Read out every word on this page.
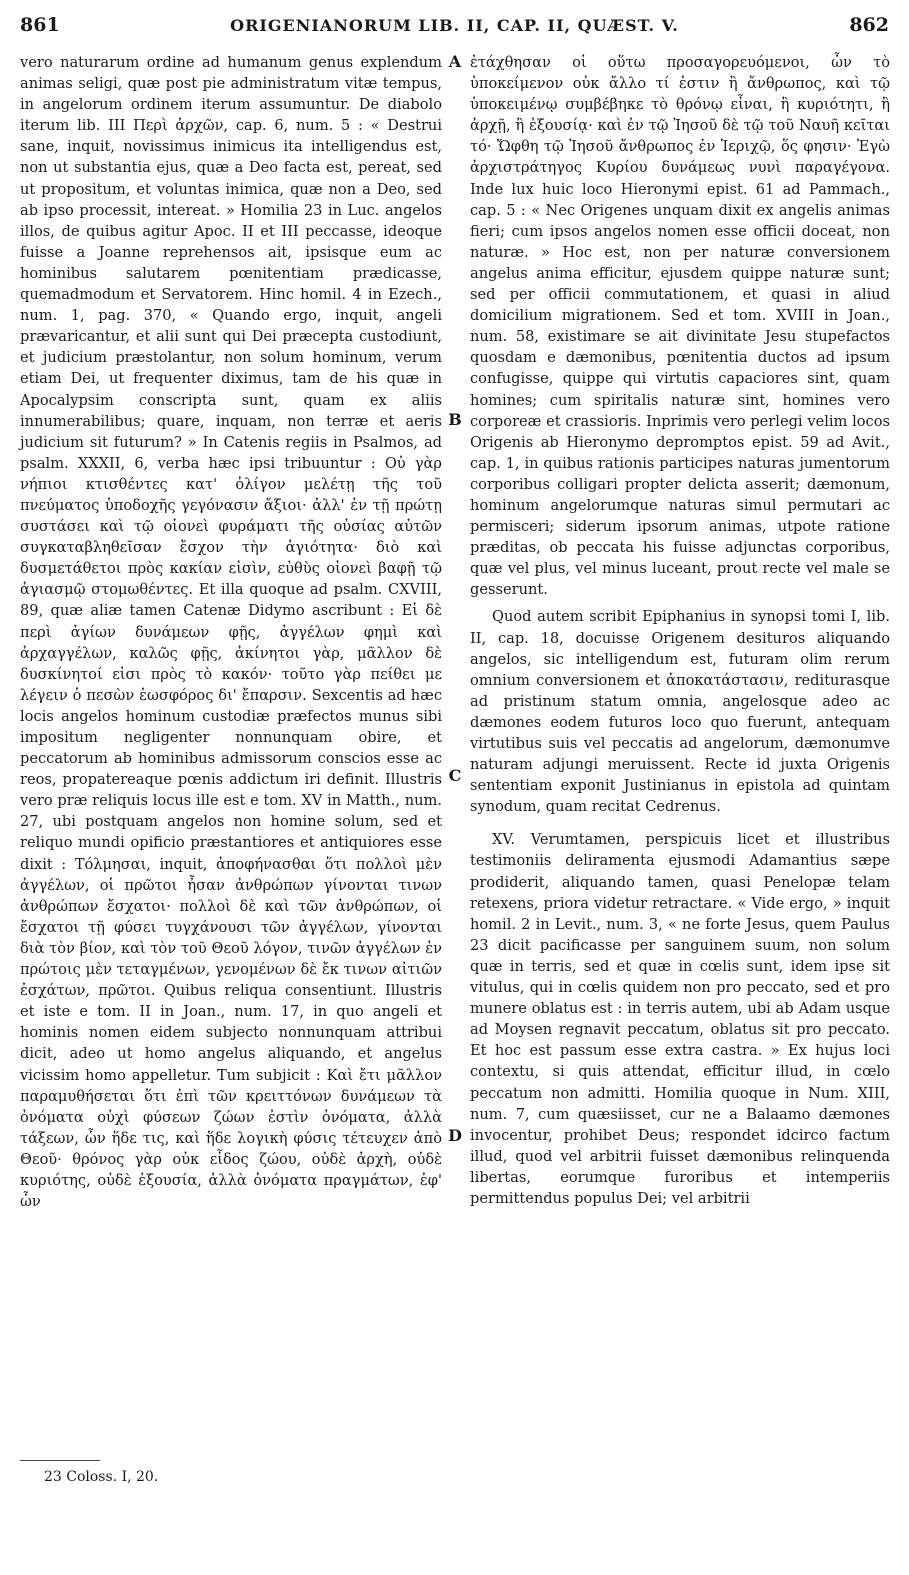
861	ORIGENIANORUM LIB. II, CAP. II, QUÆST. V.	862

vero naturarum ordine ad humanum genus explendum animas seligi, quæ post pie administratum vitæ tempus, in angelorum ordinem iterum assumuntur. De diabolo iterum lib. III Περὶ ἀρχῶν, cap. 6, num. 5 : « Destrui sane, inquit, novissimus inimicus ita intelligendus est, non ut substantia ejus, quæ a Deo facta est, pereat, sed ut propositum, et voluntas inimica, quæ non a Deo, sed ab ipso processit, intereat. » Homilia 23 in Luc. angelos illos, de quibus agitur Apoc. II et III peccasse, ideoque fuisse a Joanne reprehensos ait, ipsisque eum ac hominibus salutarem pœnitentiam prædicasse, quemadmodum et Servatorem. Hinc homil. 4 in Ezech., num. 1, pag. 370, « Quando ergo, inquit, angeli prævaricantur, et alii sunt qui Dei præcepta custodiunt, et judicium præstolantur, non solum hominum, verum etiam Dei, ut frequenter diximus, tam de his quæ in Apocalypsim conscripta sunt, quam ex aliis innumerabilibus; quare, inquam, non terræ et aeris judicium sit futurum? » In Catenis regiis in Psalmos, ad psalm. XXXII, 6, verba hæc ipsi tribuuntur : Οὐ γὰρ νήπιοι κτισθέντες κατ' ὀλίγον μελέτῃ τῆς τοῦ πνεύματος ὑποδοχῆς γεγόνασιν ἄξιοι· ἀλλ' ἐν τῇ πρώτῃ συστάσει καὶ τῷ οἱονεὶ φυράματι τῆς οὐσίας αὐτῶν συγκαταβληθεῖσαν ἔσχον τὴν ἁγιότητα· διὸ καὶ δυσμετάθετοι πρὸς κακίαν εἰσὶν, εὐθὺς οἱονεὶ βαφῇ τῷ ἁγιασμῷ στομωθέντες. Et illa quoque ad psalm. CXVIII, 89, quæ aliæ tamen Catenæ Didymo ascribunt : Εἰ δὲ περὶ ἁγίων δυνάμεων φῇς, ἀγγέλων φημὶ καὶ ἀρχαγγέλων, καλῶς φῇς, ἀκίνητοι γὰρ, μᾶλλον δὲ δυσκίνητοί εἰσι πρὸς τὸ κακόν· τοῦτο γὰρ πείθει με λέγειν ὁ πεσὼν ἑωσφόρος δι' ἔπαρσιν. Sexcentis ad hæc locis angelos hominum custodiæ præfectos munus sibi impositum negligenter nonnunquam obire, et peccatorum ab hominibus admissorum conscios esse ac reos, propatereaque pœnis addictum iri definit. Illustris vero præ reliquis locus ille est e tom. XV in Matth., num. 27, ubi postquam angelos non homine solum, sed et reliquo mundi opificio præstantiores et antiquiores esse dixit : Τόλμησαι, inquit, ἀποφήνασθαι ὅτι πολλοὶ μὲν ἀγγέλων, οἱ πρῶτοι ἦσαν ἀνθρώπων γίνονται τινων ἀνθρώπων ἔσχατοι· πολλοὶ δὲ καὶ τῶν ἀνθρώπων, οἱ ἔσχατοι τῇ φύσει τυγχάνουσι τῶν ἀγγέλων, γίνονται διὰ τὸν βίον, καὶ τὸν τοῦ Θεοῦ λόγον, τινῶν ἀγγέλων ἐν πρώτοις μὲν τεταγμένων, γενομένων δὲ ἔκ τινων αἰτιῶν ἐσχάτων, πρῶτοι. Quibus reliqua consentiunt. Illustris et iste e tom. II in Joan., num. 17, in quo angeli et hominis nomen eidem subjecto nonnunquam attribui dicit, adeo ut homo angelus aliquando, et angelus vicissim homo appelletur. Tum subjicit : Καὶ ἔτι μᾶλλον παραμυθήσεται ὅτι ἐπὶ τῶν κρειττόνων δυνάμεων τὰ ὀνόματα οὐχὶ φύσεων ζώων ἐστὶν ὀνόματα, ἀλλὰ τάξεων, ὧν ἥδε τις, καὶ ἥδε λογικὴ φύσις τέτευχεν ἀπὸ Θεοῦ· θρόνος γὰρ οὐκ εἶδος ζώου, οὐδὲ ἀρχὴ, οὐδὲ κυριότης, οὐδὲ ἐξουσία, ἀλλὰ ὀνόματα πραγμάτων, ἐφ' ὧν

A
B
C
D

ἐτάχθησαν οἱ οὕτω προσαγορευόμενοι, ὧν τὸ ὑποκείμενον οὐκ ἄλλο τί ἐστιν ἢ ἄνθρωπος, καὶ τῷ ὑποκειμένῳ συμβέβηκε τὸ θρόνῳ εἶναι, ἢ κυριότητι, ἢ ἀρχῇ, ἢ ἐξουσίᾳ· καὶ ἐν τῷ Ἰησοῦ δὲ τῷ τοῦ Ναυῆ κεῖται τό· Ὤφθη τῷ Ἰησοῦ ἄνθρωπος ἐν Ἱεριχῷ, ὅς φησιν· Ἐγὼ ἀρχιστράτηγος Κυρίου δυνάμεως νυνὶ παραγέγονα. Inde lux huic loco Hieronymi epist. 61 ad Pammach., cap. 5 : « Nec Origenes unquam dixit ex angelis animas fieri; cum ipsos angelos nomen esse officii doceat, non naturæ. » Hoc est, non per naturæ conversionem angelus anima efficitur, ejusdem quippe naturæ sunt; sed per officii commutationem, et quasi in aliud domicilium migrationem. Sed et tom. XVIII in Joan., num. 58, existimare se ait divinitate Jesu stupefactos quosdam e dæmonibus, pœnitentia ductos ad ipsum confugisse, quippe qui virtutis capaciores sint, quam homines; cum spiritalis naturæ sint, homines vero corporeæ et crassioris. Inprimis vero perlegi velim locos Origenis ab Hieronymo depromptos epist. 59 ad Avit., cap. 1, in quibus rationis participes naturas jumentorum corporibus colligari propter delicta asserit; dæmonum, hominum angelorumque naturas simul permutari ac permisceri; siderum ipsorum animas, utpote ratione præditas, ob peccata his fuisse adjunctas corporibus, quæ vel plus, vel minus luceant, prout recte vel male se gesserunt.

Quod autem scribit Epiphanius in synopsi tomi I, lib. II, cap. 18, docuisse Origenem desituros aliquando angelos, sic intelligendum est, futuram olim rerum omnium conversionem et ἀποκατάστασιν, rediturasque ad pristinum statum omnia, angelosque adeo ac dæmones eodem futuros loco quo fuerunt, antequam virtutibus suis vel peccatis ad angelorum, dæmonumve naturam adjungi meruissent. Recte id juxta Origenis sententiam exponit Justinianus in epistola ad quintam synodum, quam recitat Cedrenus.

XV. Verumtamen, perspicuis licet et illustribus testimoniis deliramenta ejusmodi Adamantius sæpe prodiderit, aliquando tamen, quasi Penelopæ telam retexens, priora videtur retractare. « Vide ergo, » inquit homil. 2 in Levit., num. 3, « ne forte Jesus, quem Paulus 23 dicit pacificasse per sanguinem suum, non solum quæ in terris, sed et quæ in cœlis sunt, idem ipse sit vitulus, qui in cœlis quidem non pro peccato, sed et pro munere oblatus est : in terris autem, ubi ab Adam usque ad Moysen regnavit peccatum, oblatus sit pro peccato. Et hoc est passum esse extra castra. » Ex hujus loci contextu, si quis attendat, efficitur illud, in cœlo peccatum non admitti. Homilia quoque in Num. XIII, num. 7, cum quæsiisset, cur ne a Balaamo dæmones invocentur, prohibet Deus; respondet idcirco factum illud, quod vel arbitrii fuisset dæmonibus relinquenda libertas, eorumque furoribus et intemperiis permittendus populus Dei; vel arbitrii

23 Coloss. I, 20.
